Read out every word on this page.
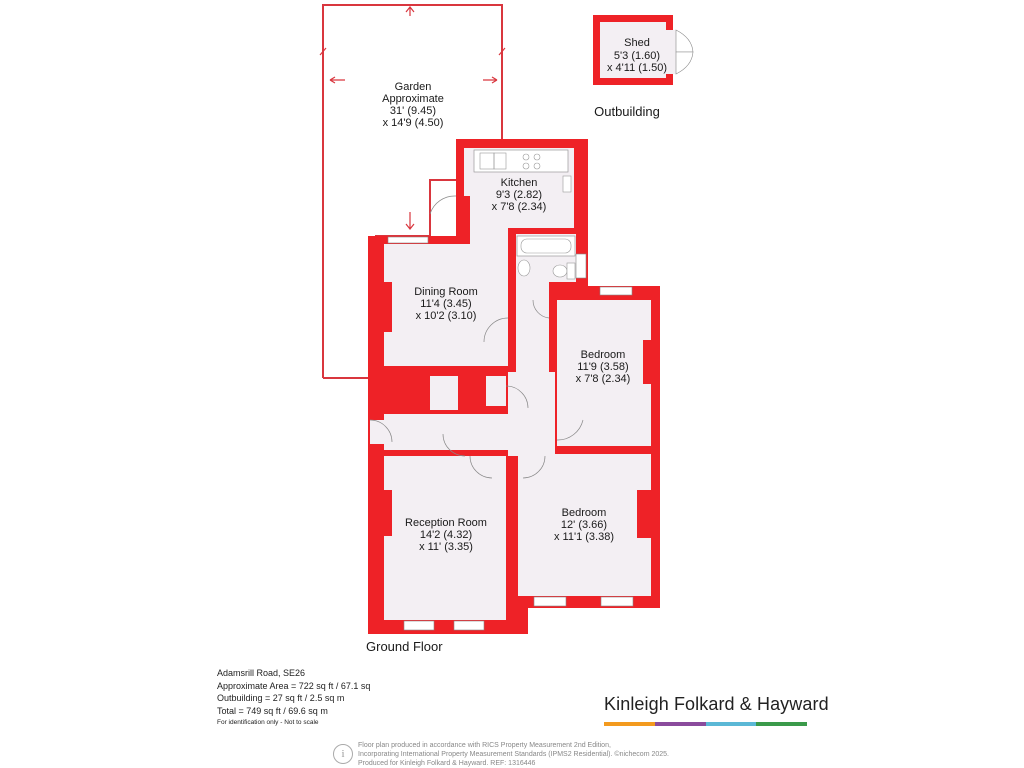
Shed
5'3 (1.60)
x 4'11 (1.50)
Outbuilding
Garden
Approximate
31' (9.45)
x 14'9 (4.50)
Kitchen
9'3 (2.82)
x 7'8 (2.34)
Dining Room
11'4 (3.45)
x 10'2 (3.10)
Bedroom
11'9 (3.58)
x 7'8 (2.34)
Reception Room
14'2 (4.32)
x 11' (3.35)
Bedroom
12' (3.66)
x 11'1 (3.38)
Ground Floor
Adamsrill Road, SE26
Approximate Area = 722 sq ft / 67.1 sq
Outbuilding = 27 sq ft / 2.5 sq m
Total = 749 sq ft / 69.6 sq m
For identification only - Not to scale
Kinleigh Folkard & Hayward
i
Floor plan produced in accordance with RICS Property Measurement 2nd Edition,
Incorporating International Property Measurement Standards (IPMS2 Residential). ©nichecom 2025.
Produced for Kinleigh Folkard & Hayward. REF: 1316446
